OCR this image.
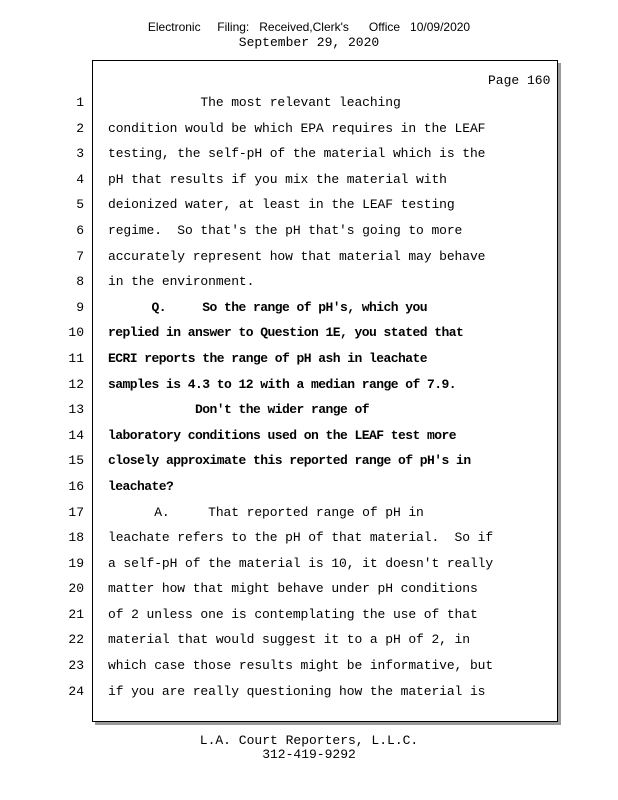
Electronic     Filing:   Received,Clerk's      Office   10/09/2020
September 29, 2020
Page 160
1 The most relevant leaching
2 condition would be which EPA requires in the LEAF
3 testing, the self-pH of the material which is the
4 pH that results if you mix the material with
5 deionized water, at least in the LEAF testing
6 regime.  So that's the pH that's going to more
7 accurately represent how that material may behave
8 in the environment.
9 Q.     So the range of pH's, which you
10 replied in answer to Question 1E, you stated that
11 ECRI reports the range of pH ash in leachate
12 samples is 4.3 to 12 with a median range of 7.9.
13 Don't the wider range of
14 laboratory conditions used on the LEAF test more
15 closely approximate this reported range of pH's in
16 leachate?
17 A.     That reported range of pH in
18 leachate refers to the pH of that material.  So if
19 a self-pH of the material is 10, it doesn't really
20 matter how that might behave under pH conditions
21 of 2 unless one is contemplating the use of that
22 material that would suggest it to a pH of 2, in
23 which case those results might be informative, but
24 if you are really questioning how the material is
L.A. Court Reporters, L.L.C.
312-419-9292
